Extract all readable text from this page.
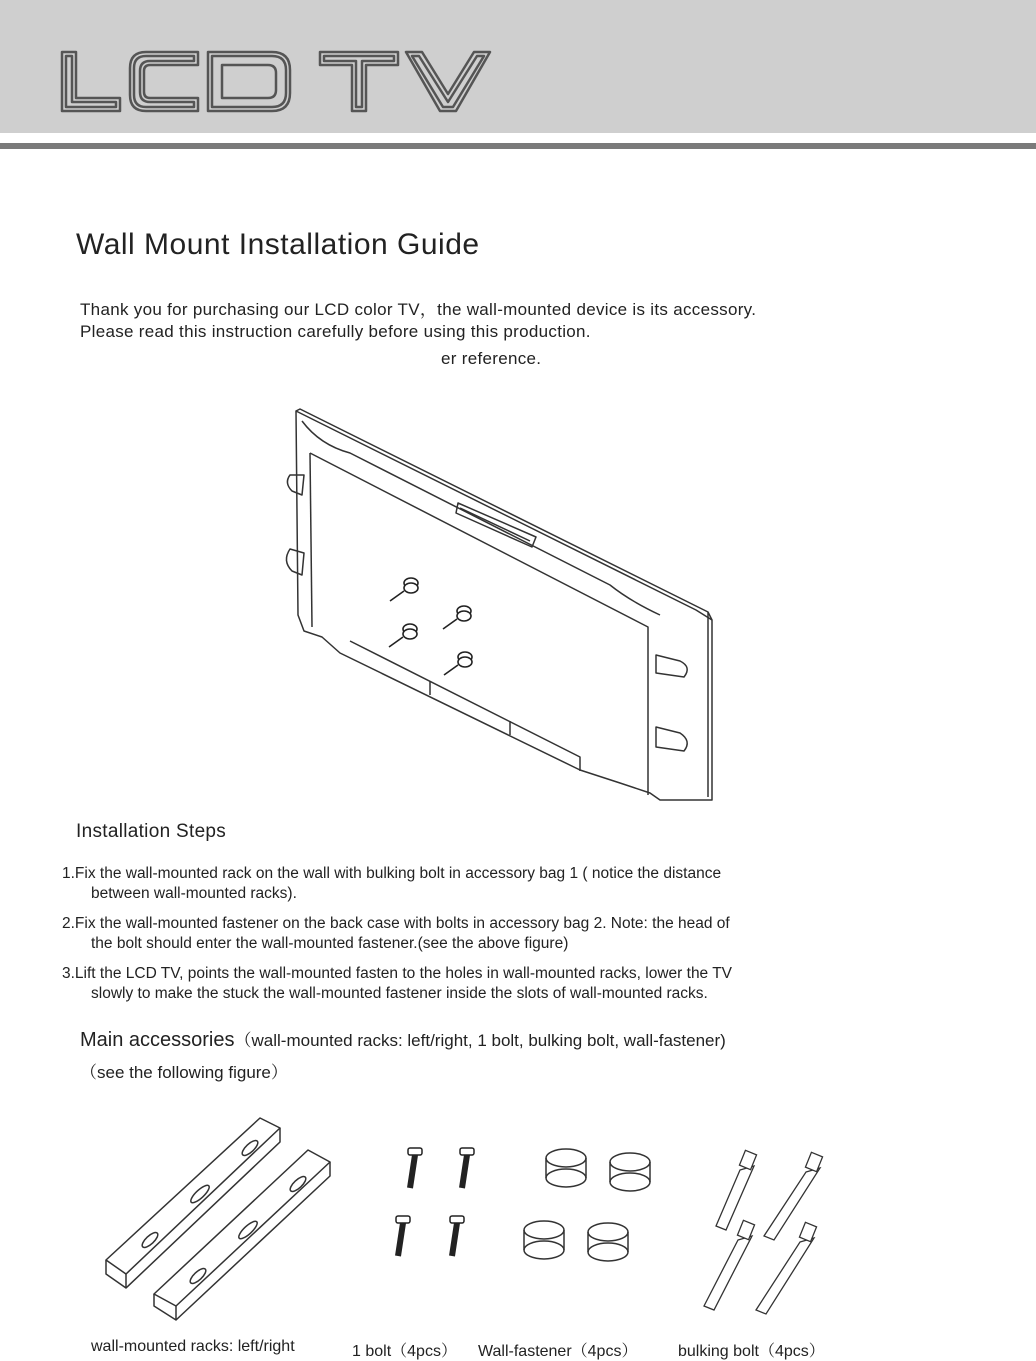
Wall Mount Installation Guide
Thank you for purchasing our LCD color TV，the wall-mounted device is its accessory.
Please read this instruction carefully before using this production.
er reference.
Installation Steps
1.Fix the wall-mounted rack on the wall with bulking bolt in accessory bag 1 ( notice the distance
between wall-mounted racks).
2.Fix the wall-mounted fastener on the back case with bolts in accessory bag 2. Note: the head of
the bolt should enter the wall-mounted fastener.(see the above figure)
3.Lift the LCD TV, points the wall-mounted fasten to the holes in wall-mounted racks, lower the TV
slowly to make the stuck the wall-mounted fastener inside the slots of wall-mounted racks.
Main accessories（wall-mounted racks: left/right, 1 bolt, bulking bolt, wall-fastener)
（see the following figure）
wall-mounted racks: left/right	1 bolt（4pcs） Wall-fastener（4pcs）	bulking bolt（4pcs）
